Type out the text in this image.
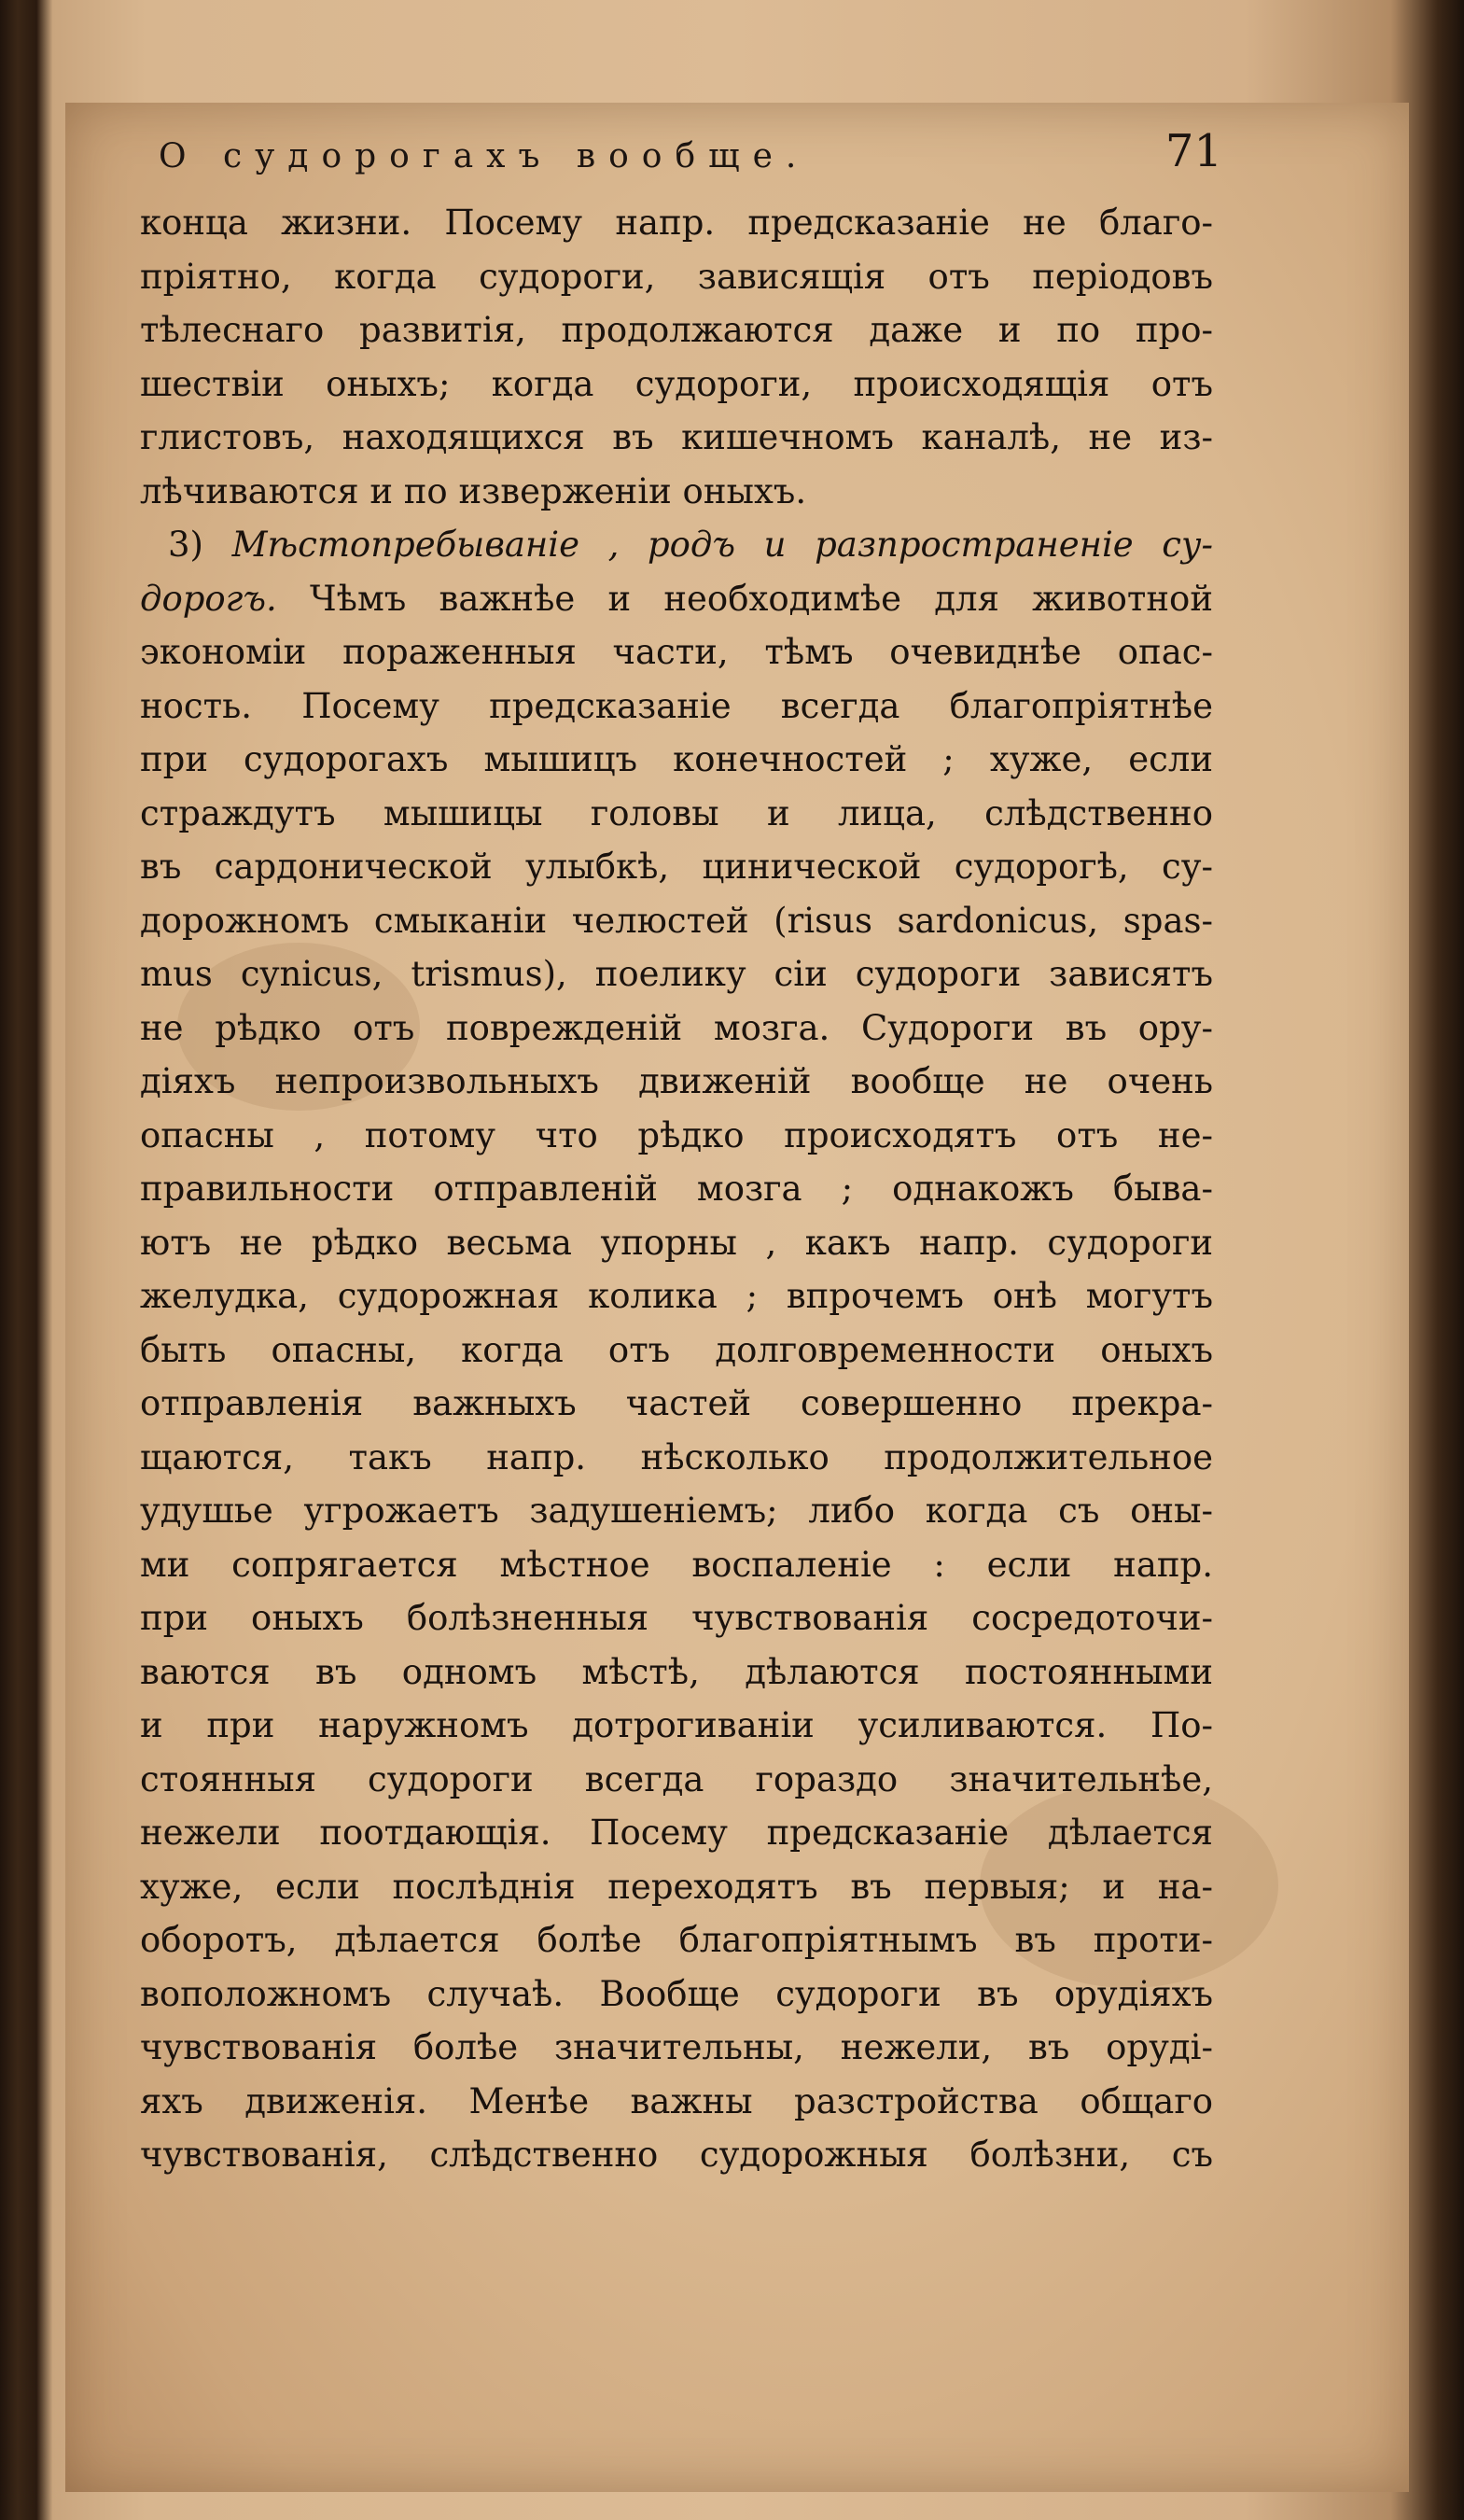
О судорогахъ вообще.	71
конца жизни. Посему напр. предсказаніе не благо-
пріятно, когда судороги, зависящія отъ періодовъ
тѣлеснаго развитія, продолжаются даже и по про-
шествіи оныхъ; когда судороги, происходящія отъ
глистовъ, находящихся въ кишечномъ каналѣ, не из-
лѣчиваются и по изверженіи оныхъ.
3) Мѣстопребываніе , родъ и разпространеніе су-
дорогъ. Чѣмъ важнѣе и необходимѣе для животной
экономіи пораженныя части, тѣмъ очевиднѣе опас-
ность. Посему предсказаніе всегда благопріятнѣе
при судорогахъ мышицъ конечностей ; хуже, если
страждутъ мышицы головы и лица, слѣдственно
въ сардонической улыбкѣ, цинической судорогѣ, су-
дорожномъ смыканіи челюстей (risus sardonicus, spas-
mus cynicus, trismus), поелику сіи судороги зависятъ
не рѣдко отъ поврежденій мозга. Судороги въ ору-
діяхъ непроизвольныхъ движеній вообще не очень
опасны , потому что рѣдко происходятъ отъ не-
правильности отправленій мозга ; однакожъ быва-
ютъ не рѣдко весьма упорны , какъ напр. судороги
желудка, судорожная колика ; впрочемъ онѣ могутъ
быть опасны, когда отъ долговременности оныхъ
отправленія важныхъ частей совершенно прекра-
щаются, такъ напр. нѣсколько продолжительное
удушье угрожаетъ задушеніемъ; либо когда съ оны-
ми сопрягается мѣстное воспаленіе : если напр.
при оныхъ болѣзненныя чувствованія сосредоточи-
ваются въ одномъ мѣстѣ, дѣлаются постоянными
и при наружномъ дотрогиваніи усиливаются. По-
стоянныя судороги всегда гораздо значительнѣе,
нежели поотдающія. Посему предсказаніе дѣлается
хуже, если послѣднія переходятъ въ первыя; и на-
оборотъ, дѣлается болѣе благопріятнымъ въ проти-
воположномъ случаѣ. Вообще судороги въ орудіяхъ
чувствованія болѣе значительны, нежели, въ оруді-
яхъ движенія. Менѣе важны разстройства общаго
чувствованія, слѣдственно судорожныя болѣзни, съ
